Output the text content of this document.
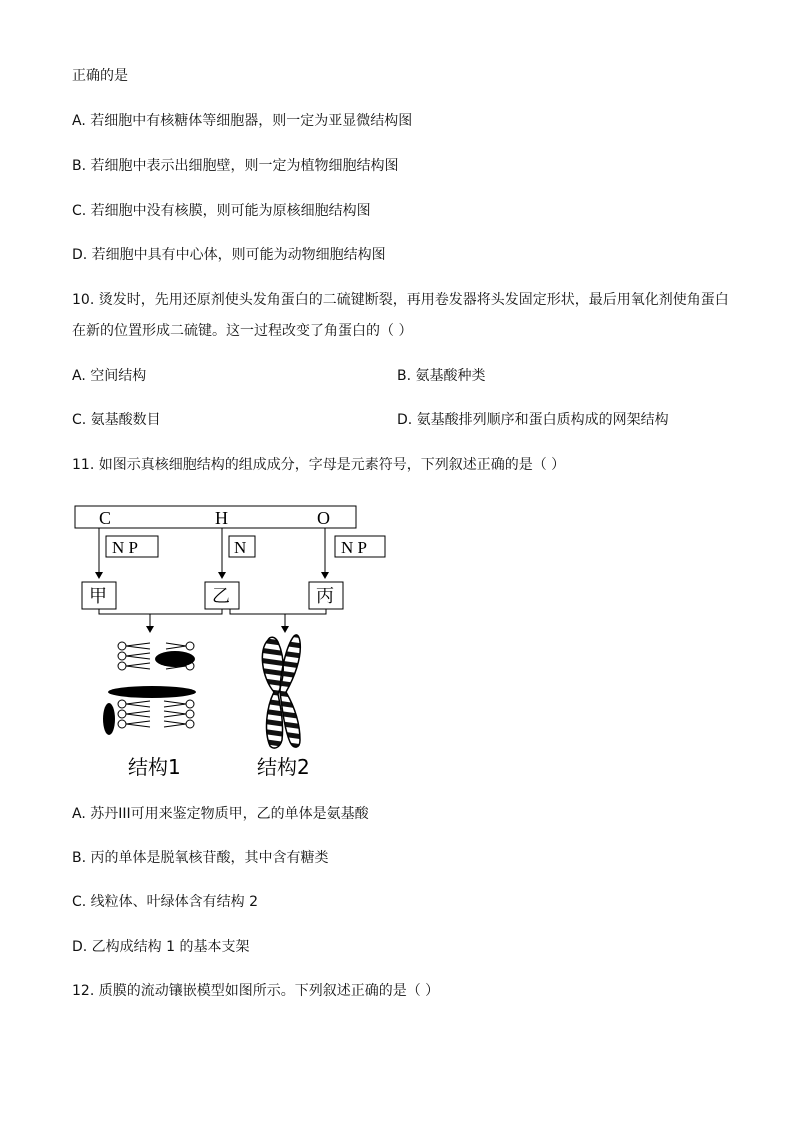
正确的是
A. 若细胞中有核糖体等细胞器，则一定为亚显微结构图
B. 若细胞中表示出细胞壁，则一定为植物细胞结构图
C. 若细胞中没有核膜，则可能为原核细胞结构图
D. 若细胞中具有中心体，则可能为动物细胞结构图
10. 烫发时，先用还原剂使头发角蛋白的二硫键断裂，再用卷发器将头发固定形状，最后用氧化剂使角蛋白
在新的位置形成二硫键。这一过程改变了角蛋白的（ ）
A. 空间结构	B. 氨基酸种类
C. 氨基酸数目	D. 氨基酸排列顺序和蛋白质构成的网架结构
11. 如图示真核细胞结构的组成成分，字母是元素符号，下列叙述正确的是（ ）
C	H	O
N P	N	N P
甲	乙	丙
结构1	结构2
A. 苏丹III可用来鉴定物质甲，乙的单体是氨基酸
B. 丙的单体是脱氧核苷酸，其中含有糖类
C. 线粒体、叶绿体含有结构 2
D. 乙构成结构 1 的基本支架
12. 质膜的流动镶嵌模型如图所示。下列叙述正确的是（ ）
